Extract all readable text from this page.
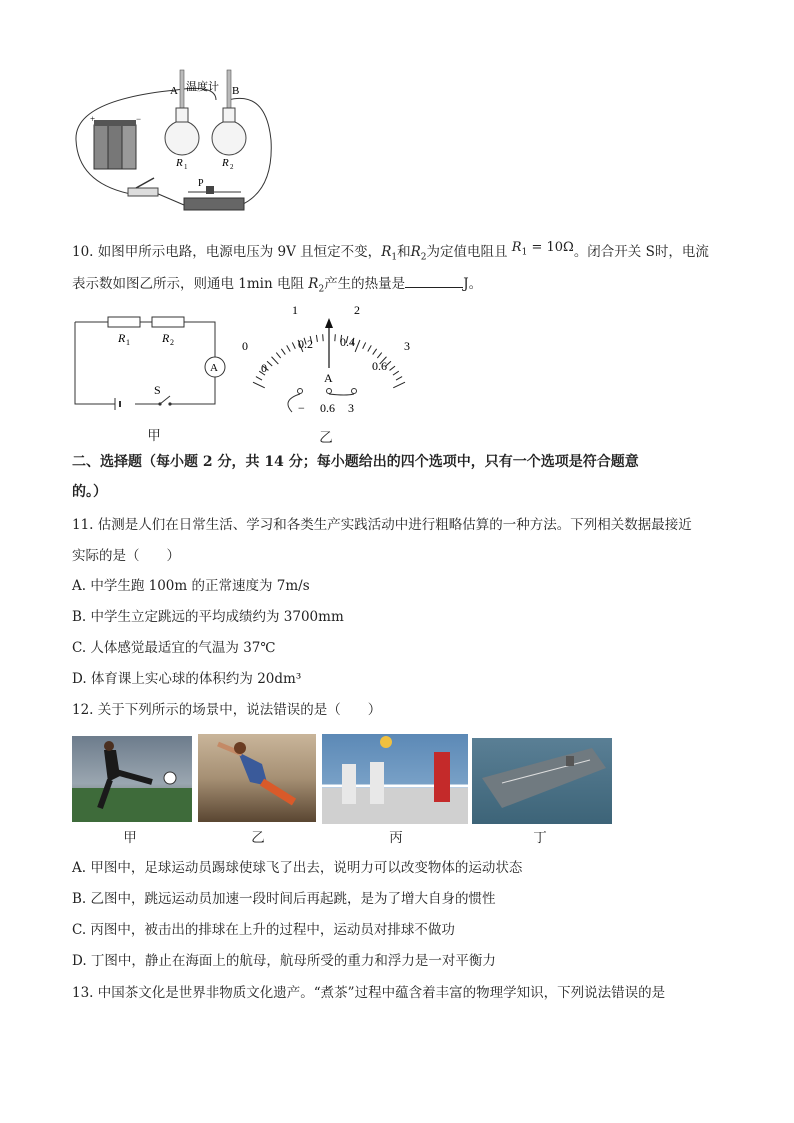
+	−
A	B
温度计
R 1	R 2
P
10. 如图甲所示电路，电源电压为 9V 且恒定不变，$R_1$和$R_2$为定值电阻且 $R_1 = 10\Omega$。闭合开关 S时，电流
表示数如图乙所示，则通电 1min 电阻 $R_2$产生的热量是	J。
R 1	R 2
A
S
甲
0
1	2
3
0
0.2 0.4
0.6
A
− 0.6 3
乙
二、选择题（每小题 2 分，共 14 分；每小题给出的四个选项中，只有一个选项是符合题意
的。）
11. 估测是人们在日常生活、学习和各类生产实践活动中进行粗略估算的一种方法。下列相关数据最接近
实际的是（　　）
A. 中学生跑 100m 的正常速度为 7m/s
B. 中学生立定跳远的平均成绩约为 3700mm
C. 人体感觉最适宜的气温为 37℃
D. 体育课上实心球的体积约为 20dm³
12. 关于下列所示的场景中，说法错误的是（　　）
甲	乙	丙	丁
A. 甲图中，足球运动员踢球使球飞了出去，说明力可以改变物体的运动状态
B. 乙图中，跳远运动员加速一段时间后再起跳，是为了增大自身的惯性
C. 丙图中，被击出的排球在上升的过程中，运动员对排球不做功
D. 丁图中，静止在海面上的航母，航母所受的重力和浮力是一对平衡力
13. 中国茶文化是世界非物质文化遗产。“煮茶”过程中蕴含着丰富的物理学知识，下列说法错误的是
